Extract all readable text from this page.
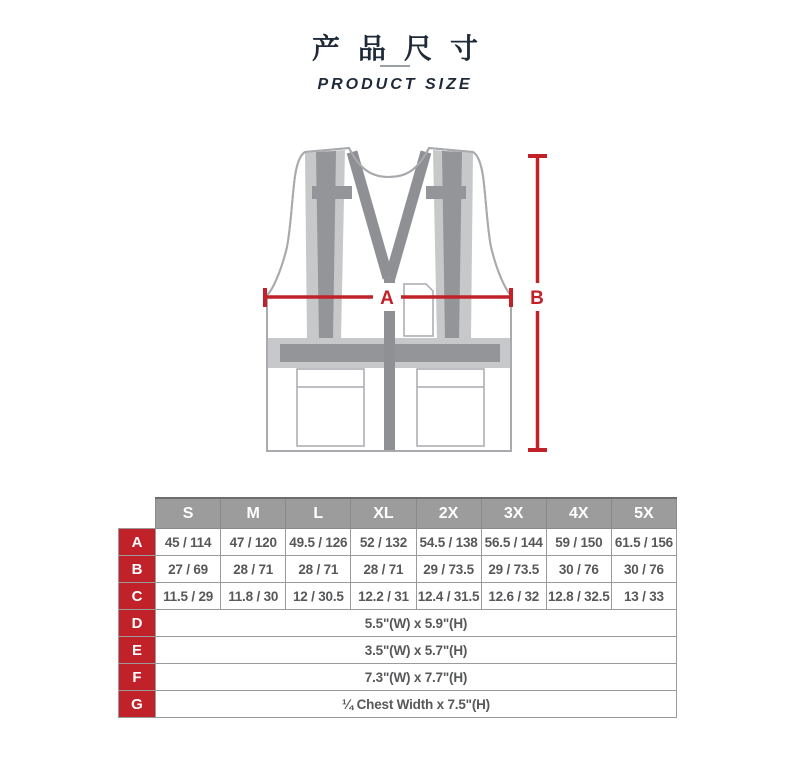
产品尺寸
PRODUCT SIZE
A	B
	S	M	L	XL	2X	3X	4X	5X
A	45 / 114	47 / 120	49.5 / 126	52 / 132	54.5 / 138	56.5 / 144	59 / 150	61.5 / 156
B	27 / 69	28 / 71	28 / 71	28 / 71	29 / 73.5	29 / 73.5	30 / 76	30 / 76
C	11.5 / 29	11.8 / 30	12 / 30.5	12.2 / 31	12.4 / 31.5	12.6 / 32	12.8 / 32.5	13 / 33
D	5.5"(W) x 5.9"(H)							
E	3.5"(W) x 5.7"(H)							
F	7.3"(W) x 7.7"(H)							
G	¼ Chest Width x 7.5"(H)							
